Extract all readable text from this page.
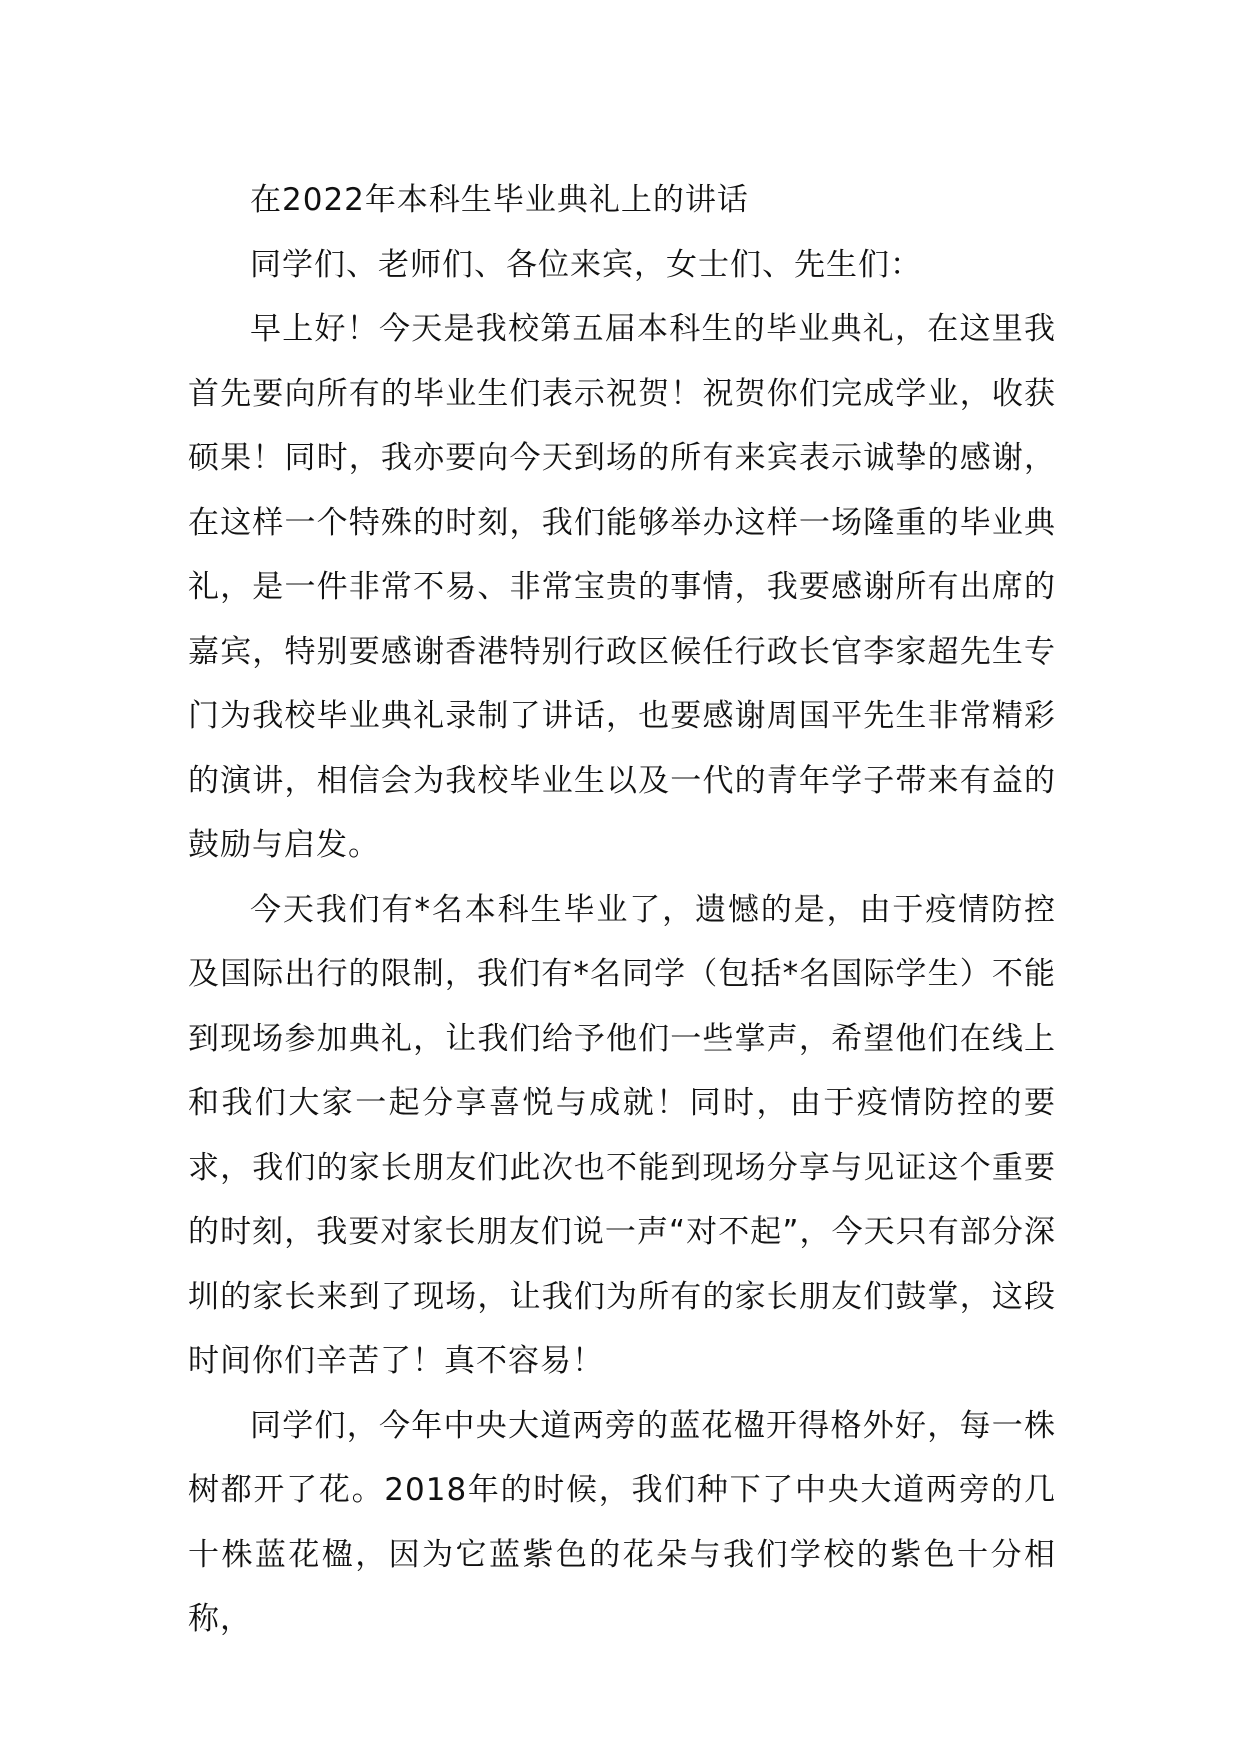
在2022年本科生毕业典礼上的讲话

同学们、老师们、各位来宾，女士们、先生们：

早上好！今天是我校第五届本科生的毕业典礼，在这里我首先要向所有的毕业生们表示祝贺！祝贺你们完成学业，收获硕果！同时，我亦要向今天到场的所有来宾表示诚挚的感谢，在这样一个特殊的时刻，我们能够举办这样一场隆重的毕业典礼，是一件非常不易、非常宝贵的事情，我要感谢所有出席的嘉宾，特别要感谢香港特别行政区候任行政长官李家超先生专门为我校毕业典礼录制了讲话，也要感谢周国平先生非常精彩的演讲，相信会为我校毕业生以及一代的青年学子带来有益的鼓励与启发。

今天我们有*名本科生毕业了，遗憾的是，由于疫情防控及国际出行的限制，我们有*名同学（包括*名国际学生）不能到现场参加典礼，让我们给予他们一些掌声，希望他们在线上和我们大家一起分享喜悦与成就！同时，由于疫情防控的要求，我们的家长朋友们此次也不能到现场分享与见证这个重要的时刻，我要对家长朋友们说一声“对不起”，今天只有部分深圳的家长来到了现场，让我们为所有的家长朋友们鼓掌，这段时间你们辛苦了！真不容易！

同学们，今年中央大道两旁的蓝花楹开得格外好，每一株树都开了花。2018年的时候，我们种下了中央大道两旁的几十株蓝花楹，因为它蓝紫色的花朵与我们学校的紫色十分相称，
